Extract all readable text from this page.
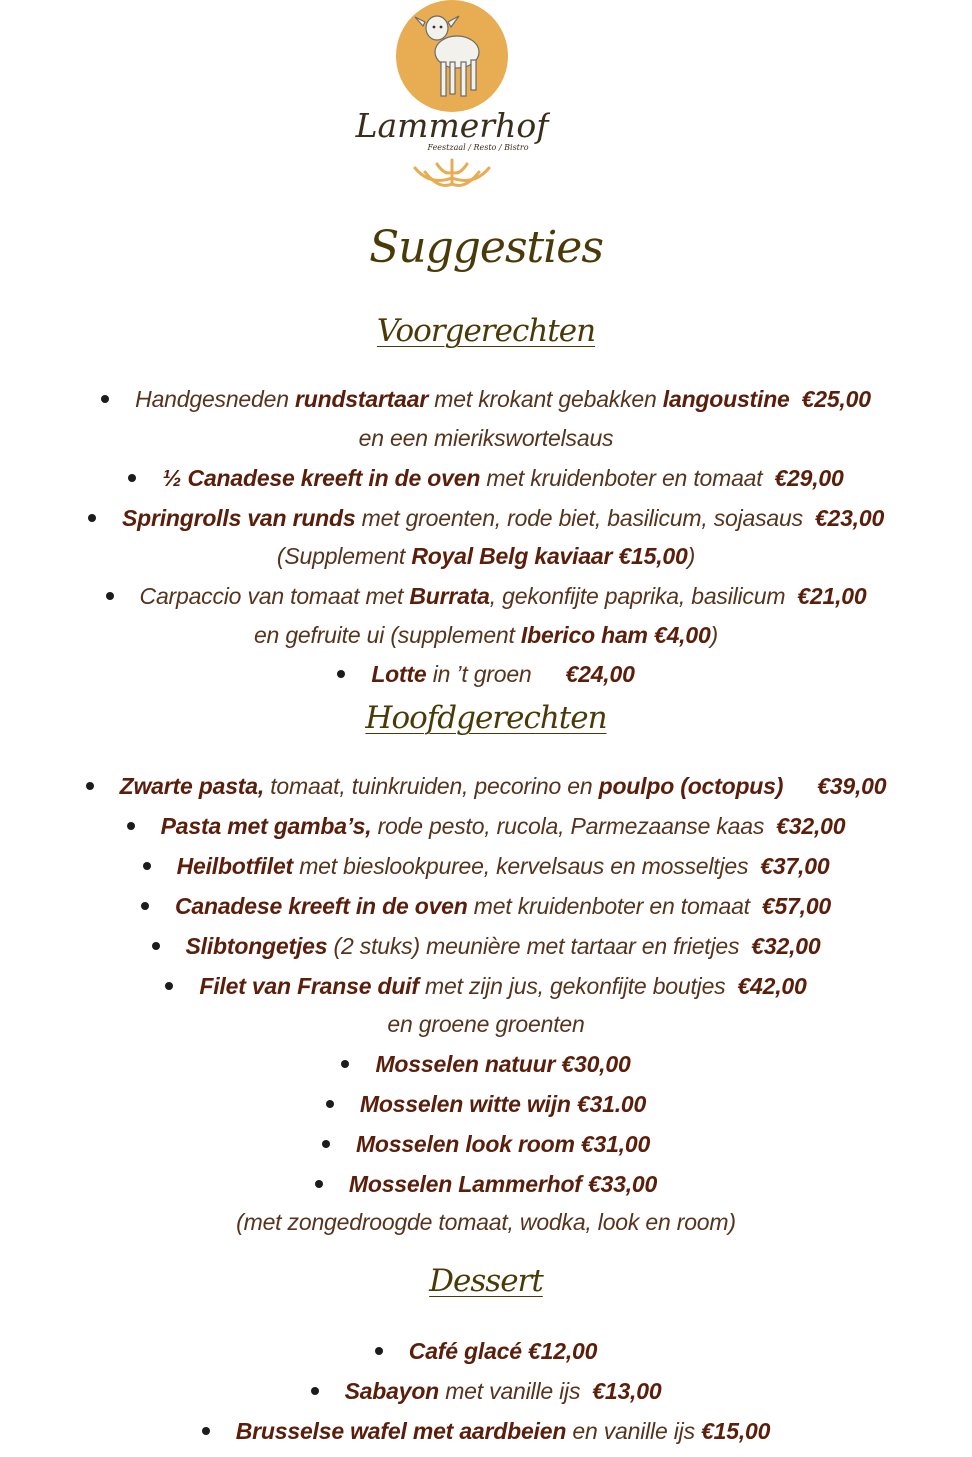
Lammerhof
Feestzaal / Resto / Bistro
Suggesties
Voorgerechten
Handgesneden rundstartaar met krokant gebakken langoustine €25,00
en een mierikswortelsaus
½ Canadese kreeft in de oven met kruidenboter en tomaat €29,00
Springrolls van runds met groenten, rode biet, basilicum, sojasaus €23,00
(Supplement Royal Belg kaviaar €15,00)
Carpaccio van tomaat met Burrata, gekonfijte paprika, basilicum €21,00
en gefruite ui (supplement Iberico ham €4,00)
Lotte in ’t groen €24,00
Hoofdgerechten
Zwarte pasta, tomaat, tuinkruiden, pecorino en poulpo (octopus) €39,00
Pasta met gamba’s, rode pesto, rucola, Parmezaanse kaas €32,00
Heilbotfilet met bieslookpuree, kervelsaus en mosseltjes €37,00
Canadese kreeft in de oven met kruidenboter en tomaat €57,00
Slibtongetjes (2 stuks) meunière met tartaar en frietjes €32,00
Filet van Franse duif met zijn jus, gekonfijte boutjes €42,00
en groene groenten
Mosselen natuur €30,00
Mosselen witte wijn €31.00
Mosselen look room €31,00
Mosselen Lammerhof €33,00
(met zongedroogde tomaat, wodka, look en room)
Dessert
Café glacé €12,00
Sabayon met vanille ijs €13,00
Brusselse wafel met aardbeien en vanille ijs €15,00
